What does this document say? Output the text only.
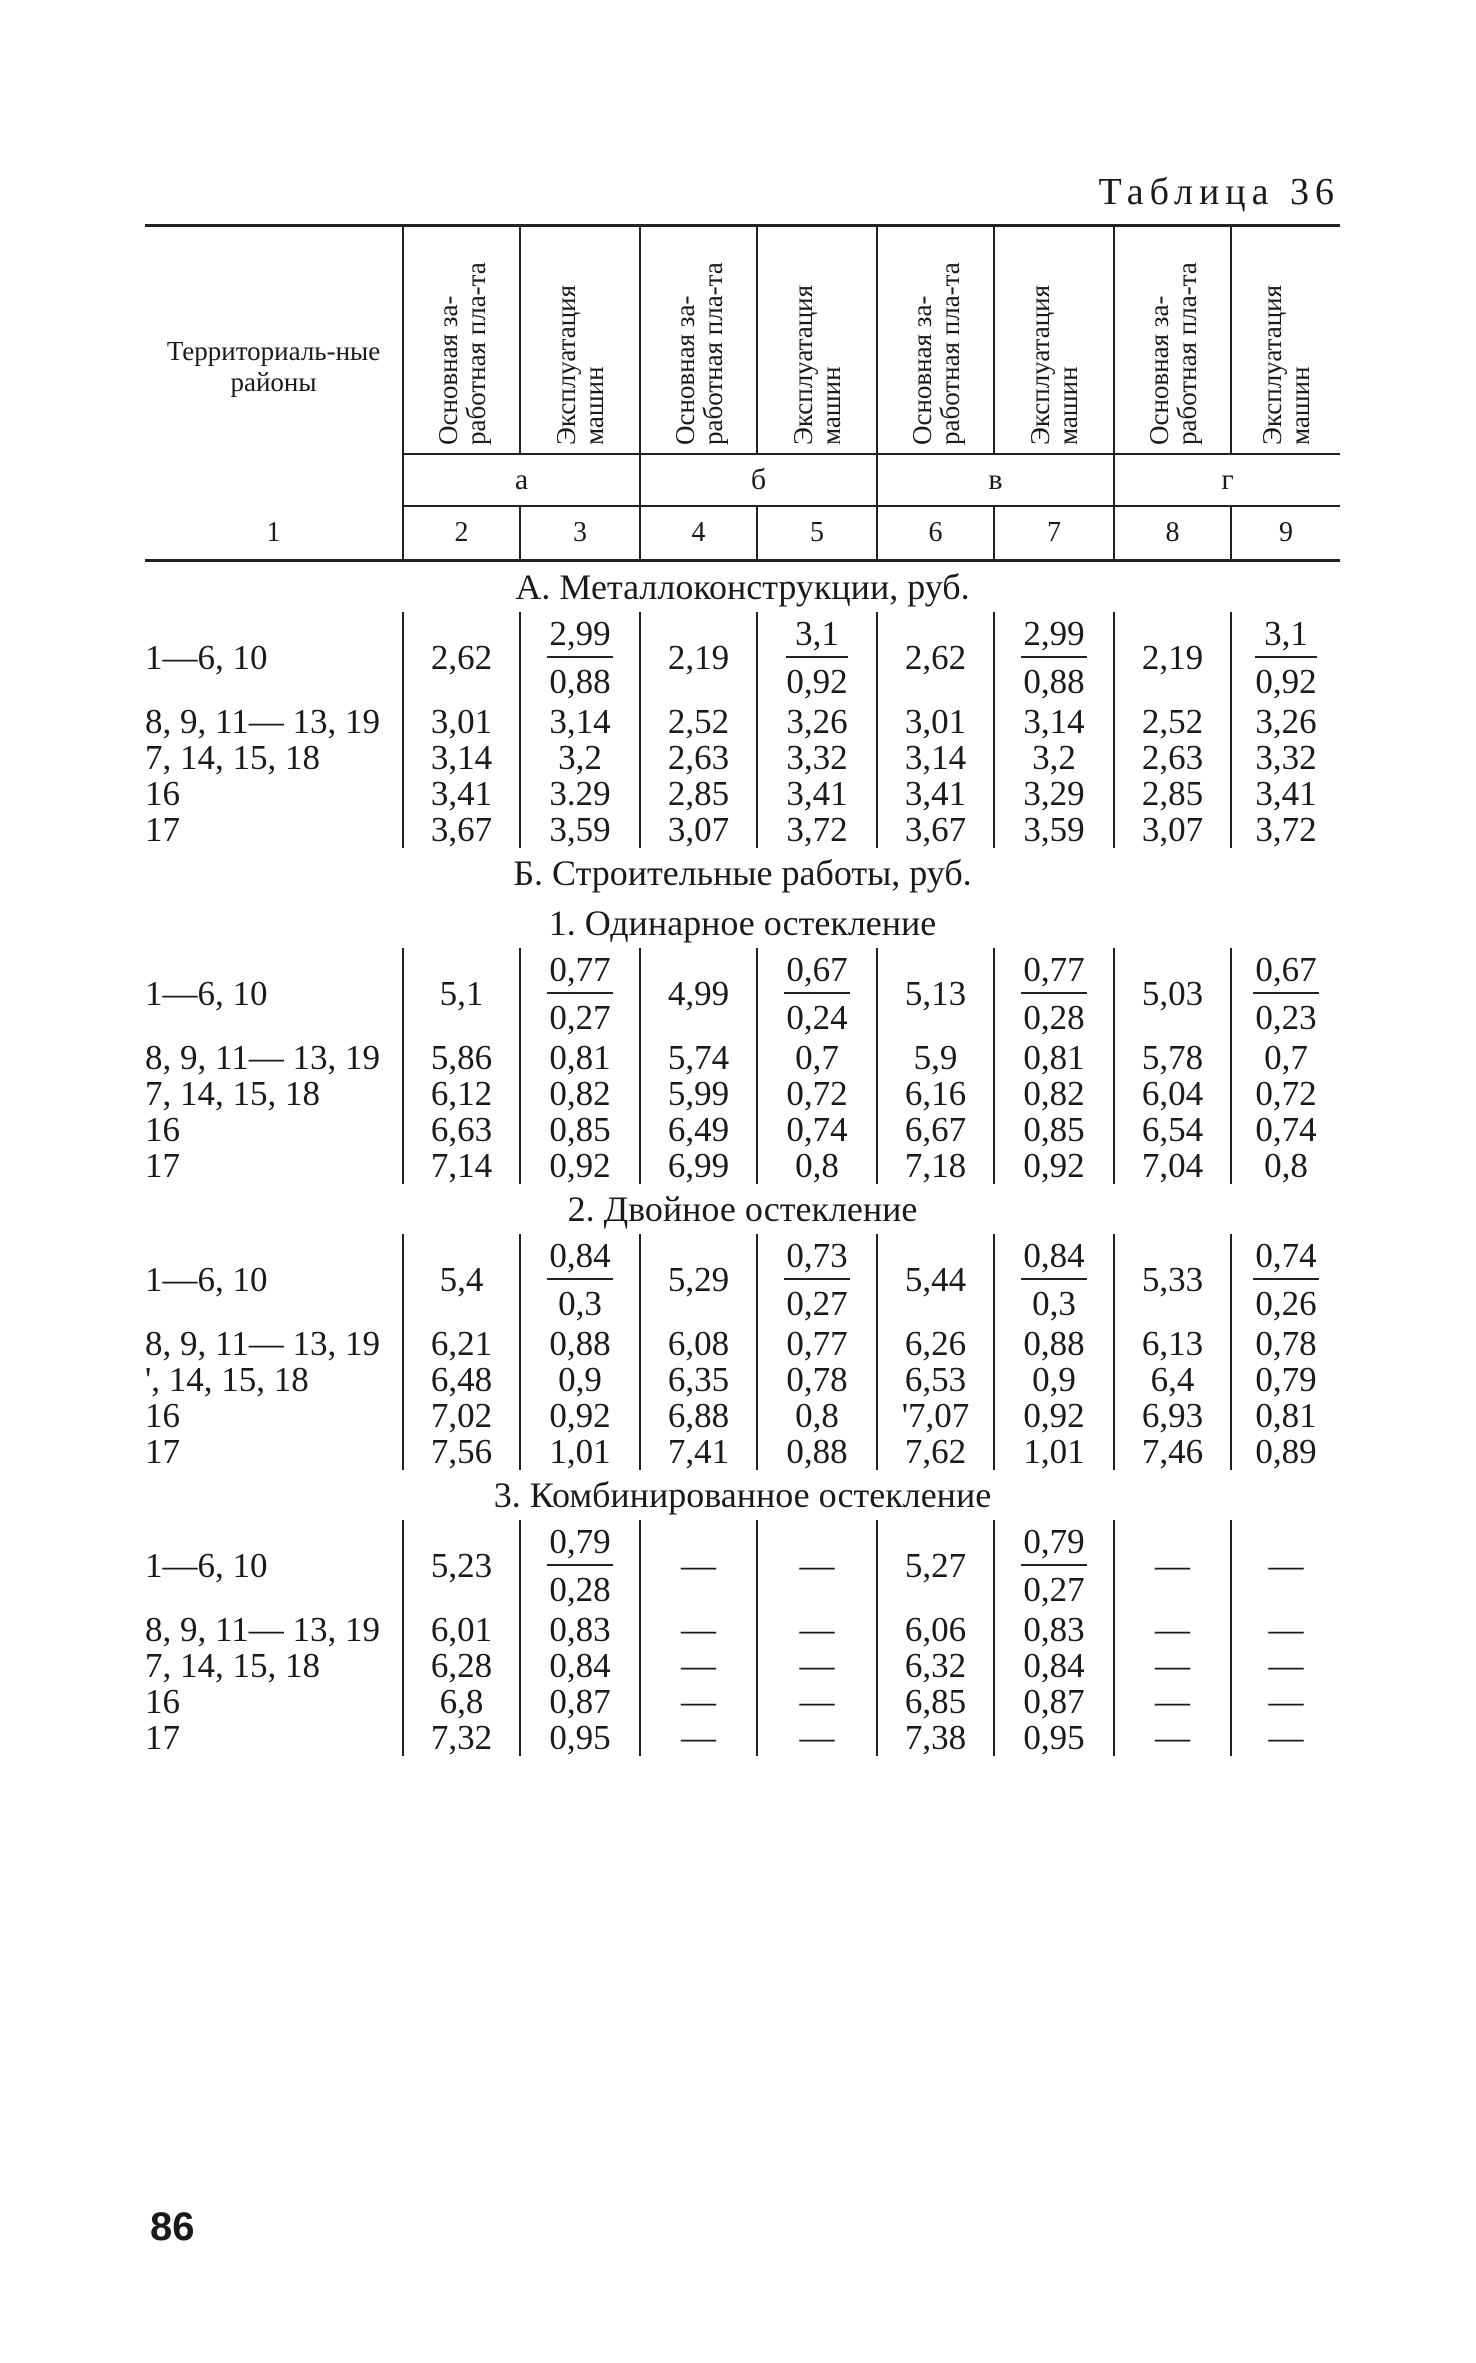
Таблица 36
Территориаль-ные районы	Основная за-работная пла-та	Эксплуатация машин	Основная за-работная пла-та	Эксплуатация машин	Основная за-работная пла-та	Эксплуатация машин	Основная за-работная пла-та	Эксплуатация машин

	а		б		в		г	
1	2	3	4	5	6	7	8	9
А. Металлоконструкции, руб.								
1—6, 10	2,62	$\frac{2,99}{0,88}$	2,19	$\frac{3,1}{0,92}$	2,62	$\frac{2,99}{0,88}$	2,19	$\frac{3,1}{0,92}$

8, 9, 11— 13, 19	3,01	3,14	2,52	3,26	3,01	3,14	2,52	3,26
7, 14, 15, 18	3,14	3,2	2,63	3,32	3,14	3,2	2,63	3,32
16	3,41	3.29	2,85	3,41	3,41	3,29	2,85	3,41
17	3,67	3,59	3,07	3,72	3,67	3,59	3,07	3,72
Б. Строительные работы, руб.								
1. Одинарное остекление								
1—6, 10	5,1	$\frac{0,77}{0,27}$	4,99	$\frac{0,67}{0,24}$	5,13	$\frac{0,77}{0,28}$	5,03	$\frac{0,67}{0,23}$

8, 9, 11— 13, 19	5,86	0,81	5,74	0,7	5,9	0,81	5,78	0,7
7, 14, 15, 18	6,12	0,82	5,99	0,72	6,16	0,82	6,04	0,72
16	6,63	0,85	6,49	0,74	6,67	0,85	6,54	0,74
17	7,14	0,92	6,99	0,8	7,18	0,92	7,04	0,8
2. Двойное остекление								
1—6, 10	5,4	$\frac{0,84}{0,3}$	5,29	$\frac{0,73}{0,27}$	5,44	$\frac{0,84}{0,3}$	5,33	$\frac{0,74}{0,26}$

8, 9, 11— 13, 19	6,21	0,88	6,08	0,77	6,26	0,88	6,13	0,78
', 14, 15, 18	6,48	0,9	6,35	0,78	6,53	0,9	6,4	0,79
16	7,02	0,92	6,88	0,8	'7,07	0,92	6,93	0,81
17	7,56	1,01	7,41	0,88	7,62	1,01	7,46	0,89
3. Комбинированное остекление								
1—6, 10	5,23	$\frac{0,79}{0,28}$	—	—	5,27	$\frac{0,79}{0,27}$	—	—
8, 9, 11— 13, 19	6,01	0,83	—	—	6,06	0,83	—	—
7, 14, 15, 18	6,28	0,84	—	—	6,32	0,84	—	—
16	6,8	0,87	—	—	6,85	0,87	—	—
17	7,32	0,95	—	—	7,38	0,95	—	—
86
